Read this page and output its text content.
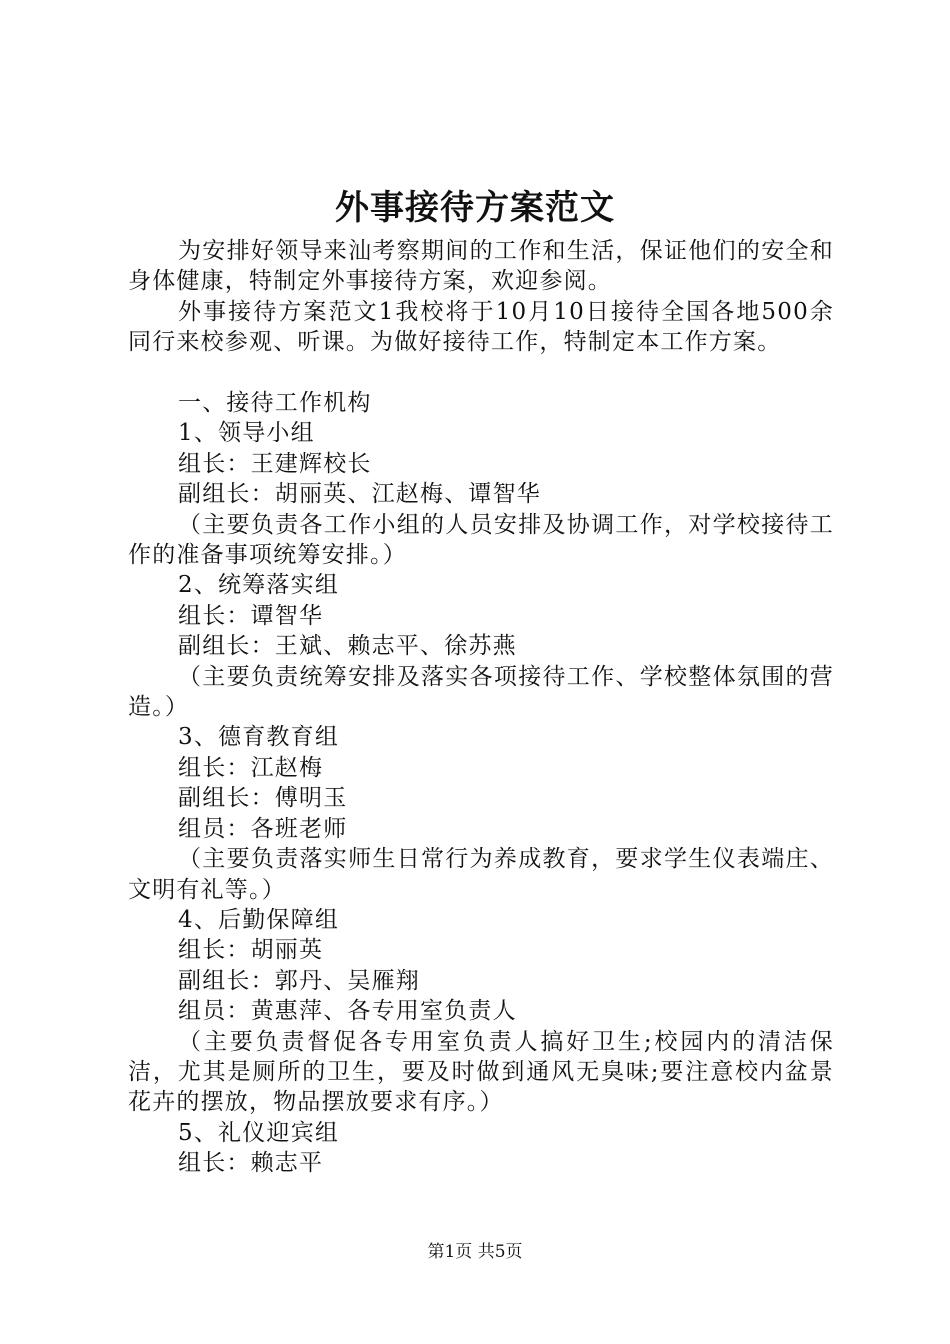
外事接待方案范文

为安排好领导来汕考察期间的工作和生活，保证他们的安全和身体健康，特制定外事接待方案，欢迎参阅。

外事接待方案范文1我校将于10月10日接待全国各地500余同行来校参观、听课。为做好接待工作，特制定本工作方案。

一、接待工作机构

1、领导小组

组长：王建辉校长

副组长：胡丽英、江赵梅、谭智华

（主要负责各工作小组的人员安排及协调工作，对学校接待工作的准备事项统筹安排。）

2、统筹落实组

组长：谭智华

副组长：王斌、赖志平、徐苏燕

（主要负责统筹安排及落实各项接待工作、学校整体氛围的营造。）

3、德育教育组

组长：江赵梅

副组长：傅明玉

组员：各班老师

（主要负责落实师生日常行为养成教育，要求学生仪表端庄、文明有礼等。）

4、后勤保障组

组长：胡丽英

副组长：郭丹、吴雁翔

组员：黄惠萍、各专用室负责人

（主要负责督促各专用室负责人搞好卫生;校园内的清洁保洁，尤其是厕所的卫生，要及时做到通风无臭味;要注意校内盆景花卉的摆放，物品摆放要求有序。）

5、礼仪迎宾组

组长：赖志平

第1页 共5页
